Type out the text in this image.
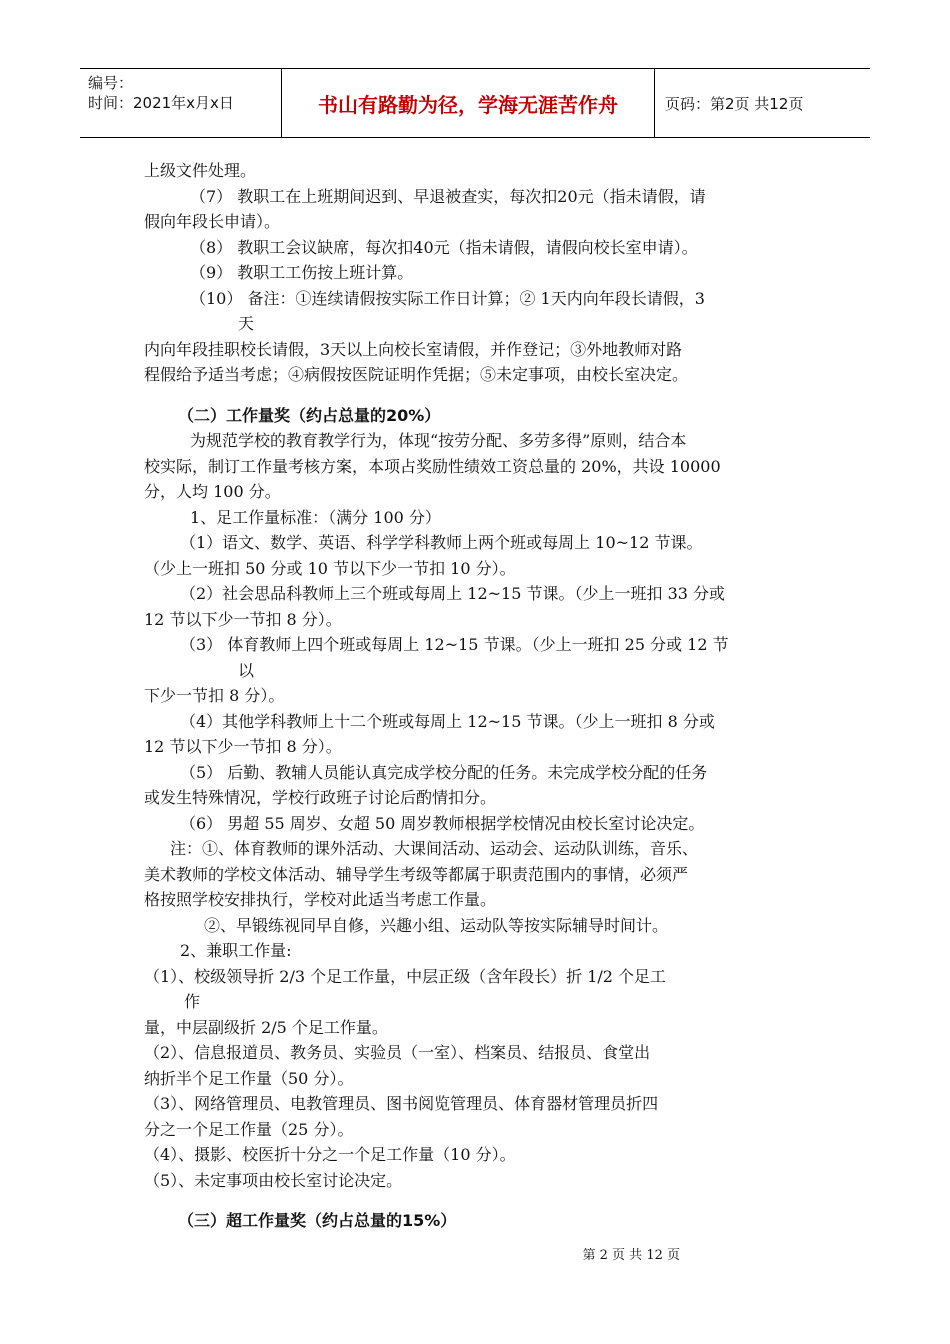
编号：
时间：2021年x月x日	书山有路勤为径，学海无涯苦作舟	页码：第2页 共12页

上级文件处理。

（7） 教职工在上班期间迟到、早退被查实，每次扣20元（指未请假，请

假向年段长申请）。

（8） 教职工会议缺席，每次扣40元（指未请假，请假向校长室申请）。

（9） 教职工工伤按上班计算。

（10） 备注：①连续请假按实际工作日计算；② 1天内向年段长请假，3

天

内向年段挂职校长请假，3天以上向校长室请假，并作登记；③外地教师对路

程假给予适当考虑；④病假按医院证明作凭据；⑤未定事项，由校长室决定。

（二）工作量奖（约占总量的20%）

为规范学校的教育教学行为，体现“按劳分配、多劳多得”原则，结合本

校实际，制订工作量考核方案，本项占奖励性绩效工资总量的 20%，共设 10000

分，人均 100 分。

1、足工作量标准：（满分 100 分）

（1）语文、数学、英语、科学学科教师上两个班或每周上 10~12 节课。

（少上一班扣 50 分或 10 节以下少一节扣 10 分）。

（2）社会思品科教师上三个班或每周上 12~15 节课。（少上一班扣 33 分或

12 节以下少一节扣 8 分）。

（3） 体育教师上四个班或每周上 12~15 节课。（少上一班扣 25 分或 12 节

以

下少一节扣 8 分）。

（4）其他学科教师上十二个班或每周上 12~15 节课。（少上一班扣 8 分或

12 节以下少一节扣 8 分）。

（5） 后勤、教辅人员能认真完成学校分配的任务。未完成学校分配的任务

或发生特殊情况，学校行政班子讨论后酌情扣分。

（6） 男超 55 周岁、女超 50 周岁教师根据学校情况由校长室讨论决定。

注：①、体育教师的课外活动、大课间活动、运动会、运动队训练，音乐、

美术教师的学校文体活动、辅导学生考级等都属于职责范围内的事情，必须严

格按照学校安排执行，学校对此适当考虑工作量。

②、早锻练视同早自修，兴趣小组、运动队等按实际辅导时间计。

2、兼职工作量:

（1）、校级领导折 2/3 个足工作量，中层正级（含年段长）折 1/2 个足工

作

量，中层副级折 2/5 个足工作量。

（2）、信息报道员、教务员、实验员（一室）、档案员、结报员、食堂出

纳折半个足工作量（50 分）。

（3）、网络管理员、电教管理员、图书阅览管理员、体育器材管理员折四

分之一个足工作量（25 分）。

（4）、摄影、校医折十分之一个足工作量（10 分）。

（5）、未定事项由校长室讨论决定。

（三）超工作量奖（约占总量的15%）

第 2 页 共 12 页
